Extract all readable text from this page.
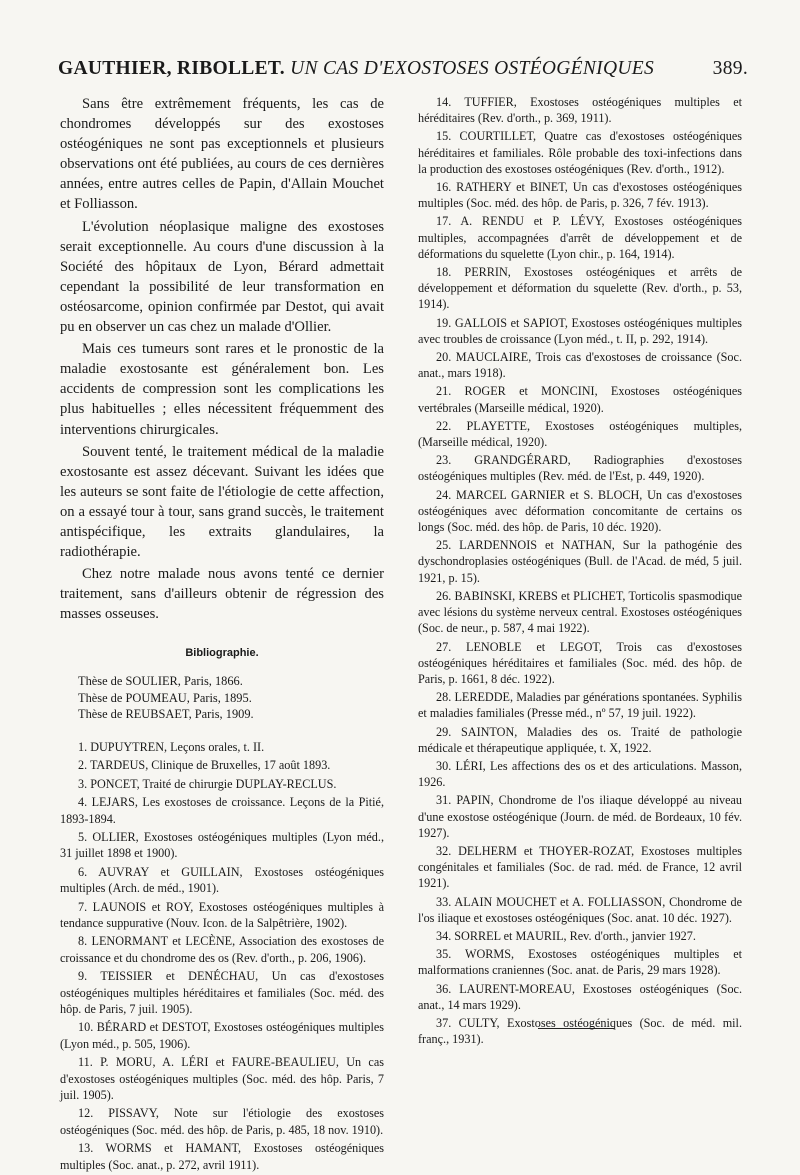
GAUTHIER, RIBOLLET. UN CAS D'EXOSTOSES OSTÉOGÉNIQUES	389.

Sans être extrêmement fréquents, les cas de chondromes développés sur des exostoses ostéogéniques ne sont pas exceptionnels et plusieurs observations ont été publiées, au cours de ces dernières années, entre autres celles de Papin, d'Allain Mouchet et Folliasson.

L'évolution néoplasique maligne des exostoses serait exceptionnelle. Au cours d'une discussion à la Société des hôpitaux de Lyon, Bérard admettait cependant la possibilité de leur transformation en ostéosarcome, opinion confirmée par Destot, qui avait pu en observer un cas chez un malade d'Ollier.

Mais ces tumeurs sont rares et le pronostic de la maladie exostosante est généralement bon. Les accidents de compression sont les complications les plus habituelles ; elles nécessitent fréquemment des interventions chirurgicales.

Souvent tenté, le traitement médical de la maladie exostosante est assez décevant. Suivant les idées que les auteurs se sont faite de l'étiologie de cette affection, on a essayé tour à tour, sans grand succès, le traitement antispécifique, les extraits glandulaires, la radiothérapie.

Chez notre malade nous avons tenté ce dernier traitement, sans d'ailleurs obtenir de régression des masses osseuses.

Bibliographie.
Thèse de SOULIER, Paris, 1866.
Thèse de POUMEAU, Paris, 1895.
Thèse de REUBSAET, Paris, 1909.

1. DUPUYTREN, Leçons orales, t. II.

2. TARDEUS, Clinique de Bruxelles, 17 août 1893.

3. PONCET, Traité de chirurgie DUPLAY-RECLUS.

4. LEJARS, Les exostoses de croissance. Leçons de la Pitié, 1893-1894.

5. OLLIER, Exostoses ostéogéniques multiples (Lyon méd., 31 juillet 1898 et 1900).

6. AUVRAY et GUILLAIN, Exostoses ostéogéniques multiples (Arch. de méd., 1901).

7. LAUNOIS et ROY, Exostoses ostéogéniques multiples à tendance suppurative (Nouv. Icon. de la Salpêtrière, 1902).

8. LENORMANT et LECÈNE, Association des exostoses de croissance et du chondrome des os (Rev. d'orth., p. 206, 1906).

9. TEISSIER et DENÉCHAU, Un cas d'exostoses ostéogéniques multiples héréditaires et familiales (Soc. méd. des hôp. de Paris, 7 juil. 1905).

10. BÉRARD et DESTOT, Exostoses ostéogéniques multiples (Lyon méd., p. 505, 1906).

11. P. MORU, A. LÉRI et FAURE-BEAULIEU, Un cas d'exostoses ostéogéniques multiples (Soc. méd. des hôp. Paris, 7 juil. 1905).

12. PISSAVY, Note sur l'étiologie des exostoses ostéogéniques (Soc. méd. des hôp. de Paris, p. 485, 18 nov. 1910).

13. WORMS et HAMANT, Exostoses ostéogéniques multiples (Soc. anat., p. 272, avril 1911).

14. TUFFIER, Exostoses ostéogéniques multiples et héréditaires (Rev. d'orth., p. 369, 1911).

15. COURTILLET, Quatre cas d'exostoses ostéogéniques héréditaires et familiales. Rôle probable des toxi-infections dans la production des exostoses ostéogéniques (Rev. d'orth., 1912).

16. RATHERY et BINET, Un cas d'exostoses ostéogéniques multiples (Soc. méd. des hôp. de Paris, p. 326, 7 fév. 1913).

17. A. RENDU et P. LÉVY, Exostoses ostéogéniques multiples, accompagnées d'arrêt de développement et de déformations du squelette (Lyon chir., p. 164, 1914).

18. PERRIN, Exostoses ostéogéniques et arrêts de développement et déformation du squelette (Rev. d'orth., p. 53, 1914).

19. GALLOIS et SAPIOT, Exostoses ostéogéniques multiples avec troubles de croissance (Lyon méd., t. II, p. 292, 1914).

20. MAUCLAIRE, Trois cas d'exostoses de croissance (Soc. anat., mars 1918).

21. ROGER et MONCINI, Exostoses ostéogéniques vertébrales (Marseille médical, 1920).

22. PLAYETTE, Exostoses ostéogéniques multiples, (Marseille médical, 1920).

23. GRANDGÉRARD, Radiographies d'exostoses ostéogéniques multiples (Rev. méd. de l'Est, p. 449, 1920).

24. MARCEL GARNIER et S. BLOCH, Un cas d'exostoses ostéogéniques avec déformation concomitante de certains os longs (Soc. méd. des hôp. de Paris, 10 déc. 1920).

25. LARDENNOIS et NATHAN, Sur la pathogénie des dyschondroplasies ostéogéniques (Bull. de l'Acad. de méd, 5 juil. 1921, p. 15).

26. BABINSKI, KREBS et PLICHET, Torticolis spasmodique avec lésions du système nerveux central. Exostoses ostéogéniques (Soc. de neur., p. 587, 4 mai 1922).

27. LENOBLE et LEGOT, Trois cas d'exostoses ostéogéniques héréditaires et familiales (Soc. méd. des hôp. de Paris, p. 1661, 8 déc. 1922).

28. LEREDDE, Maladies par générations spontanées. Syphilis et maladies familiales (Presse méd., nº 57, 19 juil. 1922).

29. SAINTON, Maladies des os. Traité de pathologie médicale et thérapeutique appliquée, t. X, 1922.

30. LÉRI, Les affections des os et des articulations. Masson, 1926.

31. PAPIN, Chondrome de l'os iliaque développé au niveau d'une exostose ostéogénique (Journ. de méd. de Bordeaux, 10 fév. 1927).

32. DELHERM et THOYER-ROZAT, Exostoses multiples congénitales et familiales (Soc. de rad. méd. de France, 12 avril 1921).

33. ALAIN MOUCHET et A. FOLLIASSON, Chondrome de l'os iliaque et exostoses ostéogéniques (Soc. anat. 10 déc. 1927).

34. SORREL et MAURIL, Rev. d'orth., janvier 1927.

35. WORMS, Exostoses ostéogéniques multiples et malformations craniennes (Soc. anat. de Paris, 29 mars 1928).

36. LAURENT-MOREAU, Exostoses ostéogéniques (Soc. anat., 14 mars 1929).

37. CULTY, Exostoses ostéogéniques (Soc. de méd. mil. franç., 1931).
